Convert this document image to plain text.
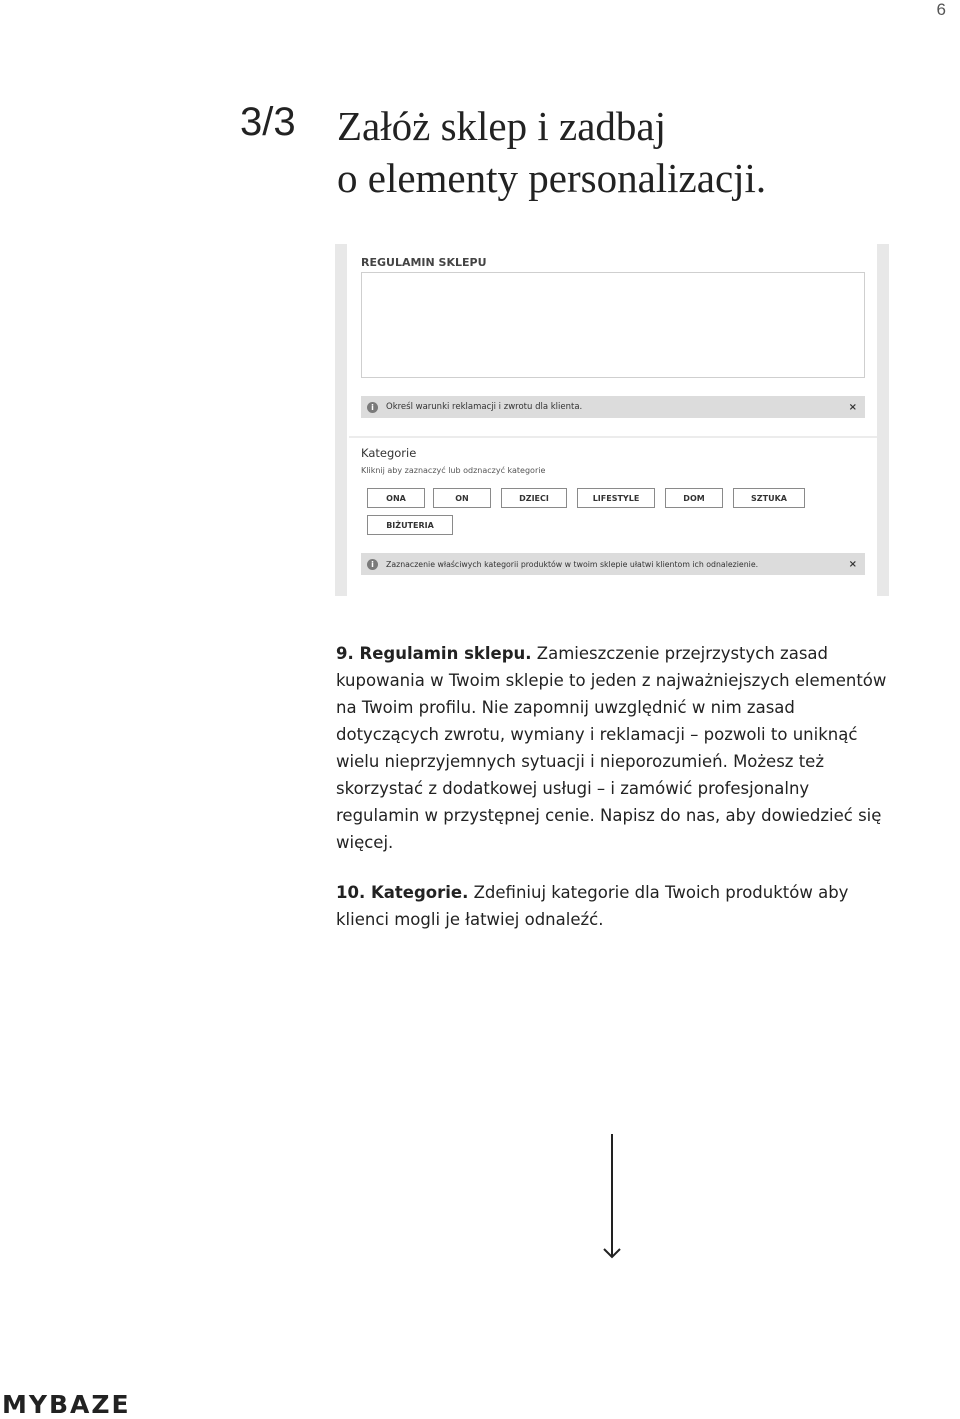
6
3/3 Załóż sklep i zadbaj
o elementy personalizacji.
REGULAMIN SKLEPU
i	Określ warunki reklamacji i zwrotu dla klienta.	×
Kategorie
Kliknij aby zaznaczyć lub odznaczyć kategorie
ONA	ON	DZIECI	LIFESTYLE	DOM	SZTUKA
BIŻUTERIA
i	Zaznaczenie właściwych kategorii produktów w twoim sklepie ułatwi klientom ich odnalezienie.	×
9. Regulamin sklepu. Zamieszczenie przejrzystych zasad kupowania w Twoim sklepie to jeden z najważniejszych elementów na Twoim profilu. Nie zapomnij uwzględnić w nim zasad dotyczących zwrotu, wymiany i reklamacji – pozwoli to uniknąć wielu nieprzyjemnych sytuacji i nieporozumień. Możesz też skorzystać z dodatkowej usługi – i zamówić profesjonalny regulamin w przystępnej cenie. Napisz do nas, aby dowiedzieć się więcej.
10. Kategorie. Zdefiniuj kategorie dla Twoich produktów aby klienci mogli je łatwiej odnaleźć.
MYBAZE
